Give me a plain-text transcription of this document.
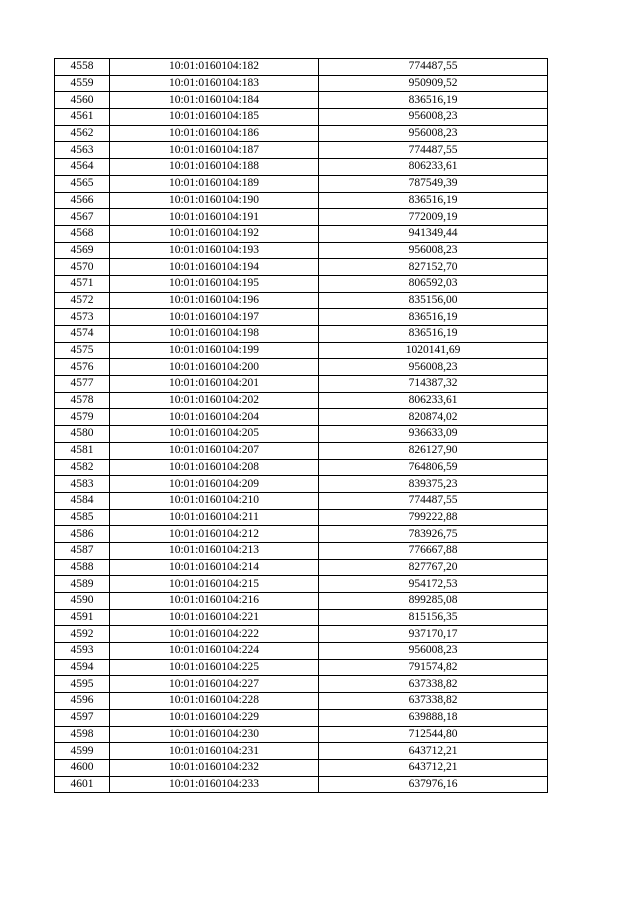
4558	10:01:0160104:182	774487,55
4559	10:01:0160104:183	950909,52
4560	10:01:0160104:184	836516,19
4561	10:01:0160104:185	956008,23
4562	10:01:0160104:186	956008,23
4563	10:01:0160104:187	774487,55
4564	10:01:0160104:188	806233,61
4565	10:01:0160104:189	787549,39
4566	10:01:0160104:190	836516,19
4567	10:01:0160104:191	772009,19
4568	10:01:0160104:192	941349,44
4569	10:01:0160104:193	956008,23
4570	10:01:0160104:194	827152,70
4571	10:01:0160104:195	806592,03
4572	10:01:0160104:196	835156,00
4573	10:01:0160104:197	836516,19
4574	10:01:0160104:198	836516,19
4575	10:01:0160104:199	1020141,69
4576	10:01:0160104:200	956008,23
4577	10:01:0160104:201	714387,32
4578	10:01:0160104:202	806233,61
4579	10:01:0160104:204	820874,02
4580	10:01:0160104:205	936633,09
4581	10:01:0160104:207	826127,90
4582	10:01:0160104:208	764806,59
4583	10:01:0160104:209	839375,23
4584	10:01:0160104:210	774487,55
4585	10:01:0160104:211	799222,88
4586	10:01:0160104:212	783926,75
4587	10:01:0160104:213	776667,88
4588	10:01:0160104:214	827767,20
4589	10:01:0160104:215	954172,53
4590	10:01:0160104:216	899285,08
4591	10:01:0160104:221	815156,35
4592	10:01:0160104:222	937170,17
4593	10:01:0160104:224	956008,23
4594	10:01:0160104:225	791574,82
4595	10:01:0160104:227	637338,82
4596	10:01:0160104:228	637338,82
4597	10:01:0160104:229	639888,18
4598	10:01:0160104:230	712544,80
4599	10:01:0160104:231	643712,21
4600	10:01:0160104:232	643712,21
4601	10:01:0160104:233	637976,16
